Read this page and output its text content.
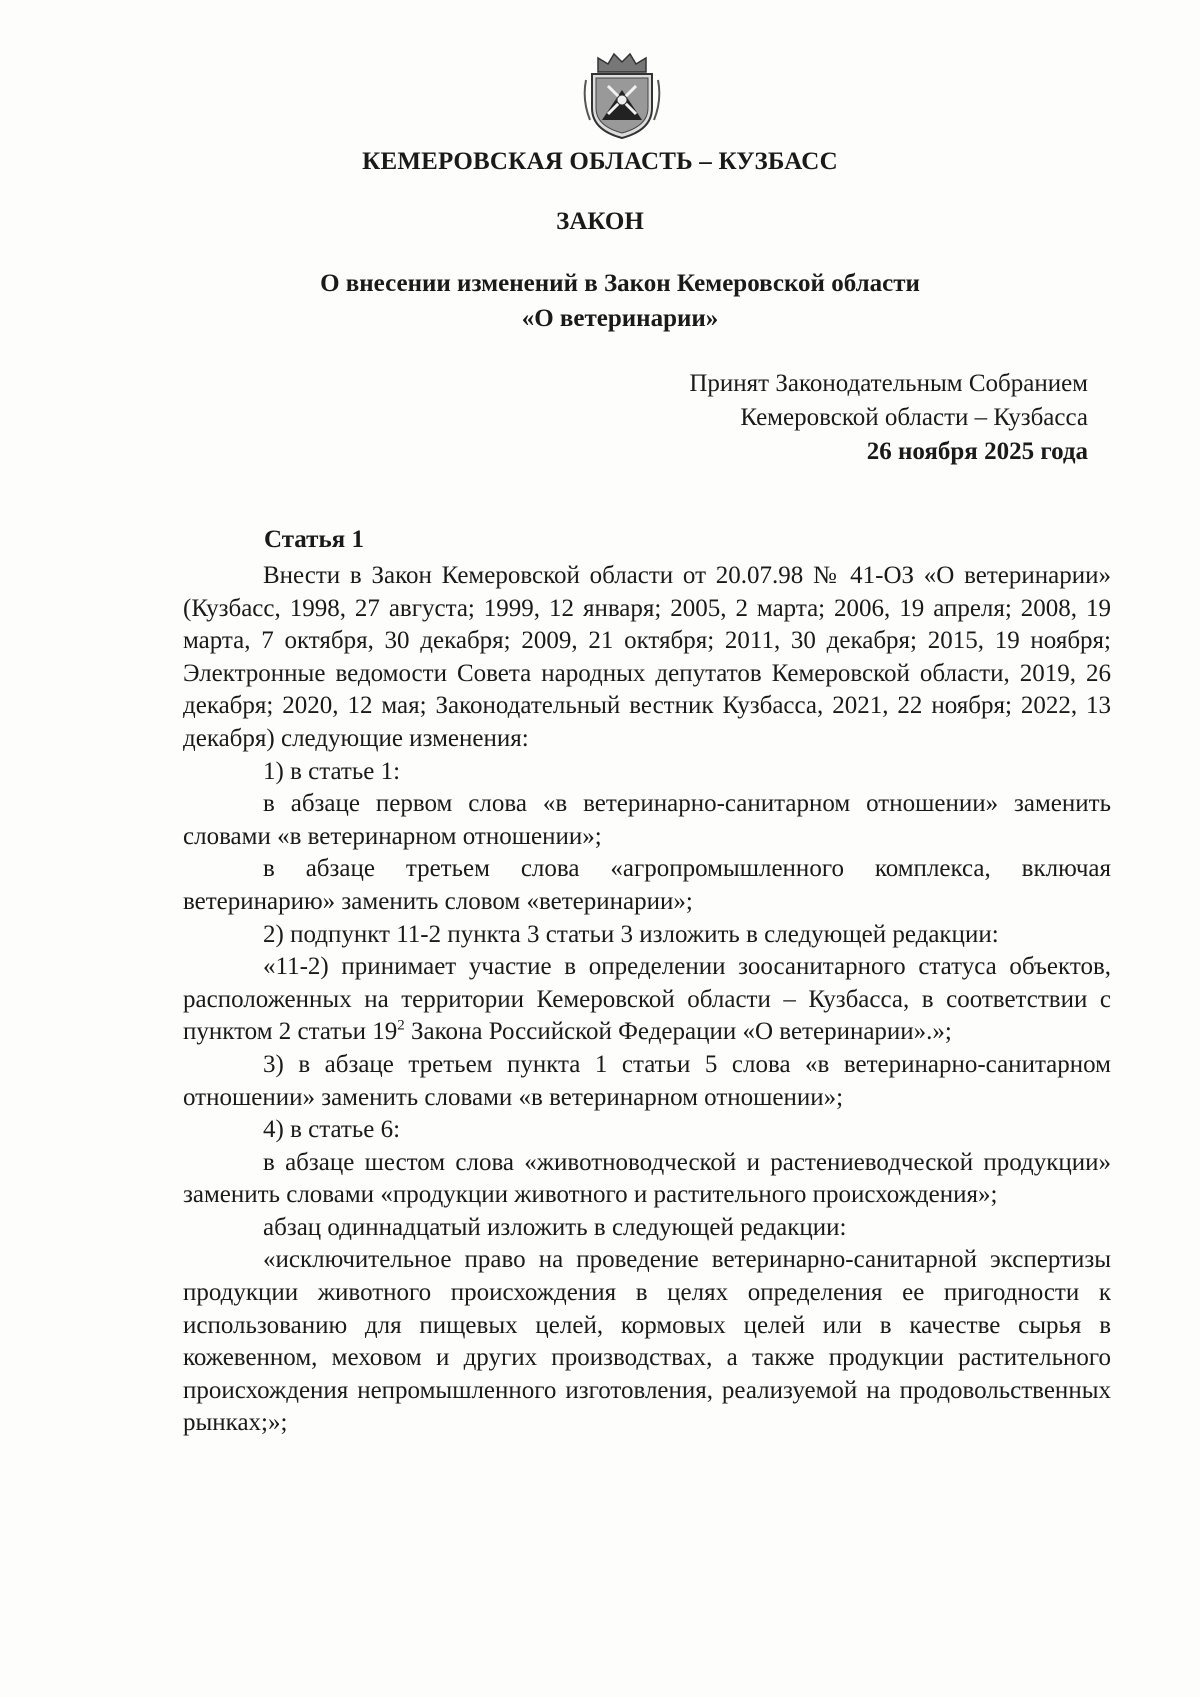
КЕМЕРОВСКАЯ ОБЛАСТЬ – КУЗБАСС
ЗАКОН
О внесении изменений в Закон Кемеровской области
«О ветеринарии»
Принят Законодательным Собранием
Кемеровской области – Кузбасса
26 ноября 2025 года
Статья 1

Внести в Закон Кемеровской области от 20.07.98 № 41-ОЗ «О ветеринарии» (Кузбасс, 1998, 27 августа; 1999, 12 января; 2005, 2 марта; 2006, 19 апреля; 2008, 19 марта, 7 октября, 30 декабря; 2009, 21 октября; 2011, 30 декабря; 2015, 19 ноября; Электронные ведомости Совета народных депутатов Кемеровской области, 2019, 26 декабря; 2020, 12 мая; Законодательный вестник Кузбасса, 2021, 22 ноября; 2022, 13 декабря) следующие изменения:

1) в статье 1:

в абзаце первом слова «в ветеринарно-санитарном отношении» заменить словами «в ветеринарном отношении»;

в абзаце третьем слова «агропромышленного комплекса, включая ветеринарию» заменить словом «ветеринарии»;

2) подпункт 11-2 пункта 3 статьи 3 изложить в следующей редакции:

«11-2) принимает участие в определении зоосанитарного статуса объектов, расположенных на территории Кемеровской области – Кузбасса, в соответствии с пунктом 2 статьи $19^2$ Закона Российской Федерации «О ветеринарии».»;

3) в абзаце третьем пункта 1 статьи 5 слова «в ветеринарно-санитарном отношении» заменить словами «в ветеринарном отношении»;

4) в статье 6:

в абзаце шестом слова «животноводческой и растениеводческой продукции» заменить словами «продукции животного и растительного происхождения»;

абзац одиннадцатый изложить в следующей редакции:

«исключительное право на проведение ветеринарно-санитарной экспертизы продукции животного происхождения в целях определения ее пригодности к использованию для пищевых целей, кормовых целей или в качестве сырья в кожевенном, меховом и других производствах, а также продукции растительного происхождения непромышленного изготовления, реализуемой на продовольственных рынках;»;
